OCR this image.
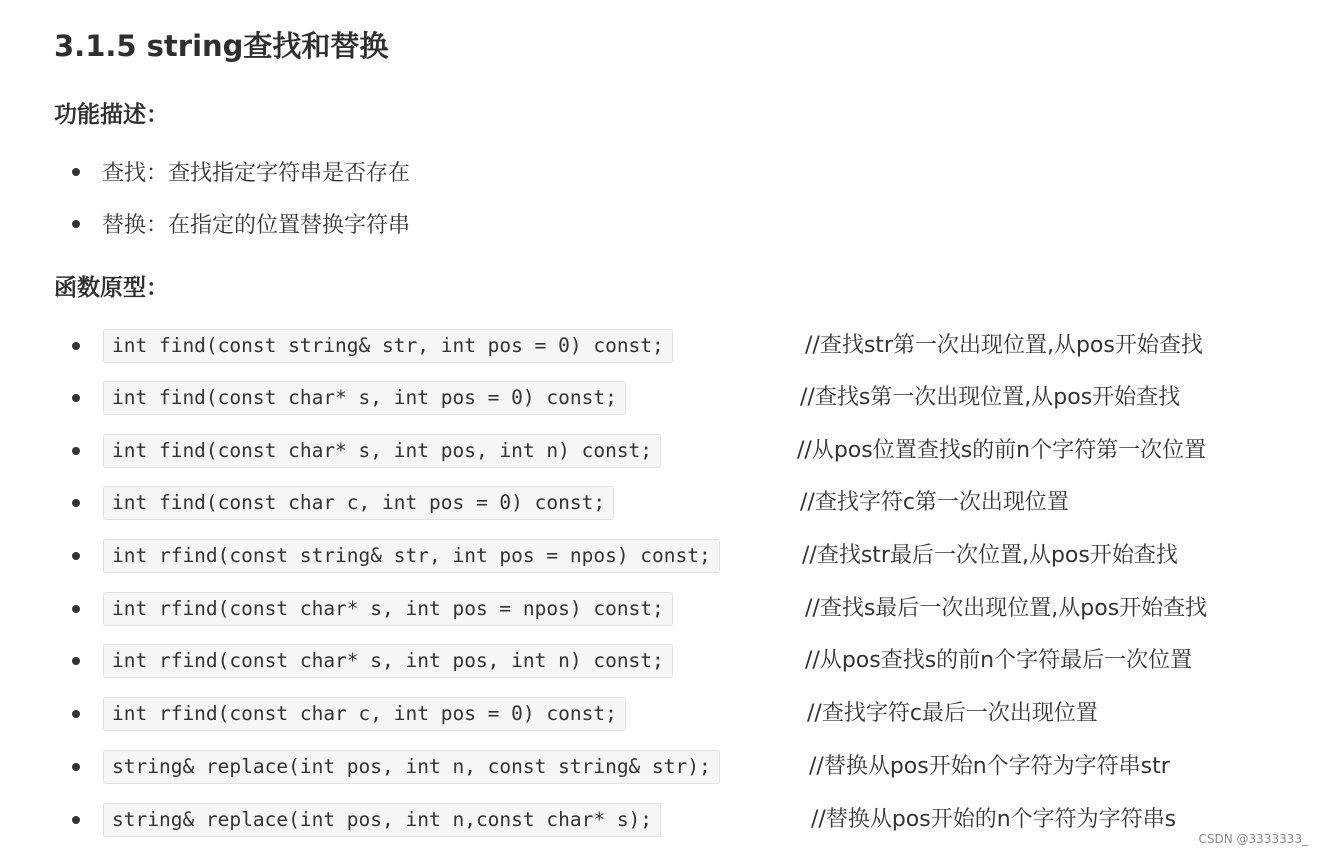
3.1.5 string查找和替换
功能描述：
查找：查找指定字符串是否存在
替换：在指定的位置替换字符串
函数原型：
int find(const string& str, int pos = 0) const;	//查找str第一次出现位置,从pos开始查找
int find(const char* s, int pos = 0) const;	//查找s第一次出现位置,从pos开始查找
int find(const char* s, int pos, int n) const;	//从pos位置查找s的前n个字符第一次位置
int find(const char c, int pos = 0) const;	//查找字符c第一次出现位置
int rfind(const string& str, int pos = npos) const;	//查找str最后一次位置,从pos开始查找
int rfind(const char* s, int pos = npos) const;	//查找s最后一次出现位置,从pos开始查找
int rfind(const char* s, int pos, int n) const;	//从pos查找s的前n个字符最后一次位置
int rfind(const char c, int pos = 0) const;	//查找字符c最后一次出现位置
string& replace(int pos, int n, const string& str);	//替换从pos开始n个字符为字符串str
string& replace(int pos, int n,const char* s);	//替换从pos开始的n个字符为字符串s
CSDN @3333333_
